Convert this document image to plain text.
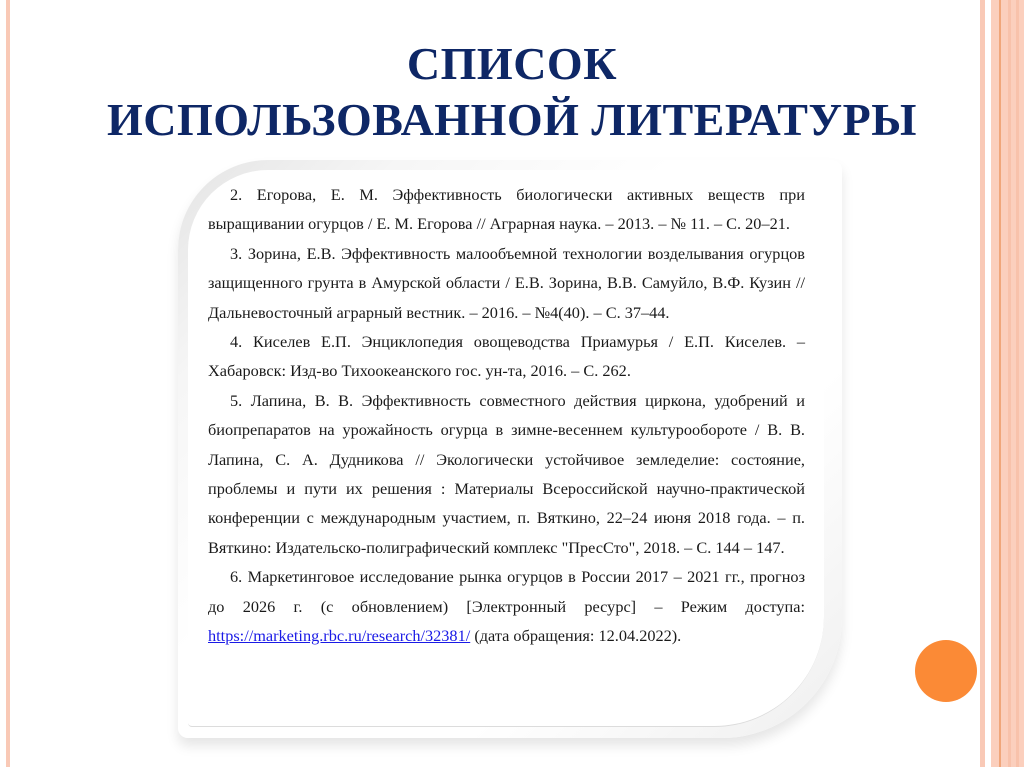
СПИСОК
ИСПОЛЬЗОВАННОЙ ЛИТЕРАТУРЫ

2. Егорова, Е. М. Эффективность биологически активных веществ при выращивании огурцов / Е. М. Егорова // Аграрная наука. – 2013. – № 11. – С. 20–21.

3. Зорина, Е.В. Эффективность малообъемной технологии возделывания огурцов защищенного грунта в Амурской области / Е.В. Зорина, В.В. Самуйло, В.Ф. Кузин // Дальневосточный аграрный вестник. – 2016. – №4(40). – С. 37–44.

4. Киселев Е.П. Энциклопедия овощеводства Приамурья / Е.П. Киселев. – Хабаровск: Изд-во Тихоокеанского гос. ун-та, 2016. – С. 262.

5. Лапина, В. В. Эффективность совместного действия циркона, удобрений и биопрепаратов на урожайность огурца в зимне-весеннем культурообороте / В. В. Лапина, С. А. Дудникова // Экологически устойчивое земледелие: состояние, проблемы и пути их решения : Материалы Всероссийской научно-практической конференции с международным участием, п. Вяткино, 22–24 июня 2018 года. – п. Вяткино: Издательско-полиграфический комплекс "ПресСто", 2018. – С. 144 – 147.

6. Маркетинговое исследование рынка огурцов в России 2017 – 2021 гг., прогноз до 2026 г. (с обновлением) [Электронный ресурс] – Режим доступа: https://marketing.rbc.ru/research/32381/ (дата обращения: 12.04.2022).
